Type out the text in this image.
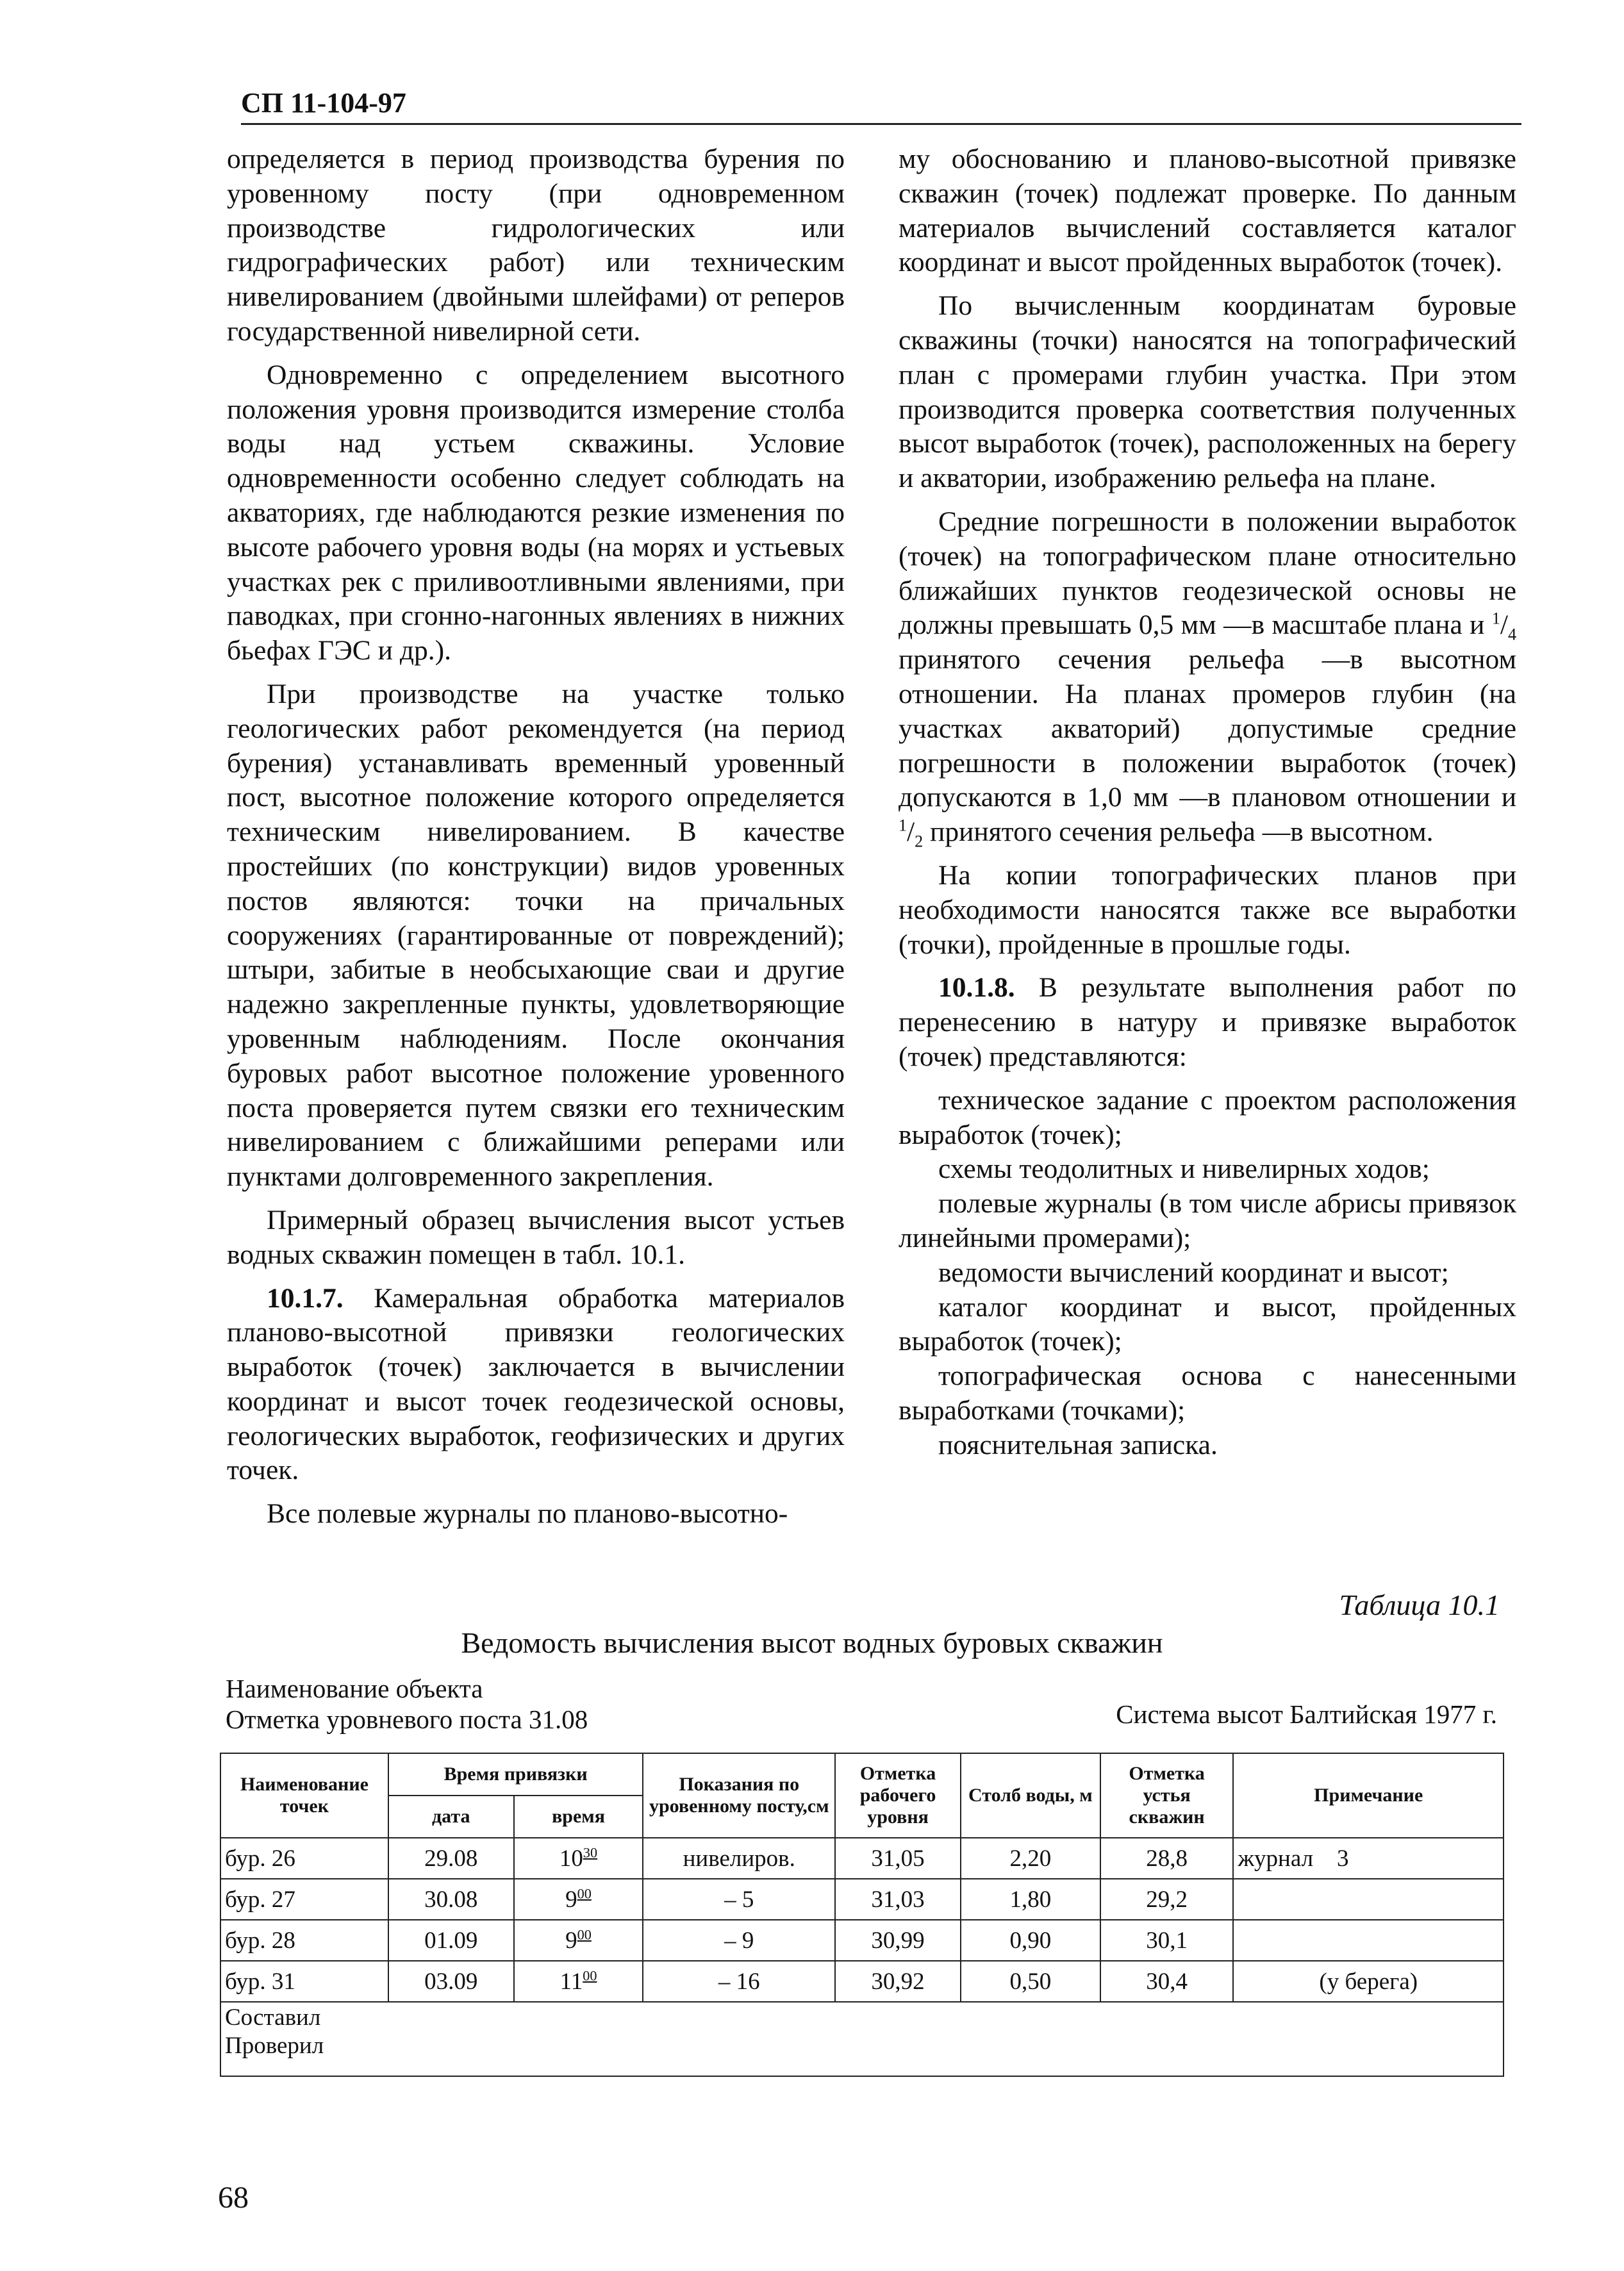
СП 11-104-97

определяется в период производства бурения по уровенному посту (при одновременном производстве гидрологических или гидрографических работ) или техническим нивелированием (двойными шлейфами) от реперов государственной нивелирной сети.

Одновременно с определением высотного положения уровня производится измерение столба воды над устьем скважины. Условие одновременности особенно следует соблюдать на акваториях, где наблюдаются резкие изменения по высоте рабочего уровня воды (на морях и устьевых участках рек с приливоотливными явлениями, при паводках, при сгонно-нагонных явлениях в нижних бьефах ГЭС и др.).

При производстве на участке только геологических работ рекомендуется (на период бурения) устанавливать временный уровенный пост, высотное положение которого определяется техническим нивелированием. В качестве простейших (по конструкции) видов уровенных постов являются: точки на причальных сооружениях (гарантированные от повреждений); штыри, забитые в необсыхающие сваи и другие надежно закрепленные пункты, удовлетворяющие уровенным наблюдениям. После окончания буровых работ высотное положение уровенного поста проверяется путем связки его техническим нивелированием с ближайшими реперами или пунктами долговременного закрепления.

Примерный образец вычисления высот устьев водных скважин помещен в табл. 10.1.

10.1.7. Камеральная обработка материалов планово-высотной привязки геологических выработок (точек) заключается в вычислении координат и высот точек геодезической основы, геологических выработок, геофизических и других точек.

Все полевые журналы по планово-высотно-

му обоснованию и планово-высотной привязке скважин (точек) подлежат проверке. По данным материалов вычислений составляется каталог координат и высот пройденных выработок (точек).

По вычисленным координатам буровые скважины (точки) наносятся на топографический план с промерами глубин участка. При этом производится проверка соответствия полученных высот выработок (точек), расположенных на берегу и акватории, изображению рельефа на плане.

Средние погрешности в положении выработок (точек) на топографическом плане относительно ближайших пунктов геодезической основы не должны превышать 0,5 мм —в масштабе плана и $^1/_4$ принятого сечения рельефа —в высотном отношении. На планах промеров глубин (на участках акваторий) допустимые средние погрешности в положении выработок (точек) допускаются в 1,0 мм —в плановом отношении и $^1/_2$ принятого сечения рельефа —в высотном.

На копии топографических планов при необходимости наносятся также все выработки (точки), пройденные в прошлые годы.

10.1.8. В результате выполнения работ по перенесению в натуру и привязке выработок (точек) представляются:

техническое задание с проектом расположения выработок (точек);

схемы теодолитных и нивелирных ходов;

полевые журналы (в том числе абрисы привязок линейными промерами);

ведомости вычислений координат и высот;

каталог координат и высот, пройденных выработок (точек);

топографическая основа с нанесенными выработками (точками);

пояснительная записка.

Таблица 10.1
Ведомость вычисления высот водных буровых скважин
Наименование объекта
Отметка уровневого поста 31.08	Система высот Балтийская 1977 г.
Наименование точек	Время привязки		Показания по уровенному посту,см	Отметка рабочего уровня	Столб воды, м	Отметка устья скважин	Примечание
	дата	время					
бур. 26	29.08	$10^{30}$	нивелиров.	31,05	2,20	28,8	журнал    3
бур. 27	30.08	$9^{00}$	– 5	31,03	1,80	29,2	
бур. 28	01.09	$9^{00}$	– 9	30,99	0,90	30,1	
бур. 31	03.09	$11^{00}$	– 16	30,92	0,50	30,4	(у берега)

Составил
Проверил							
68
